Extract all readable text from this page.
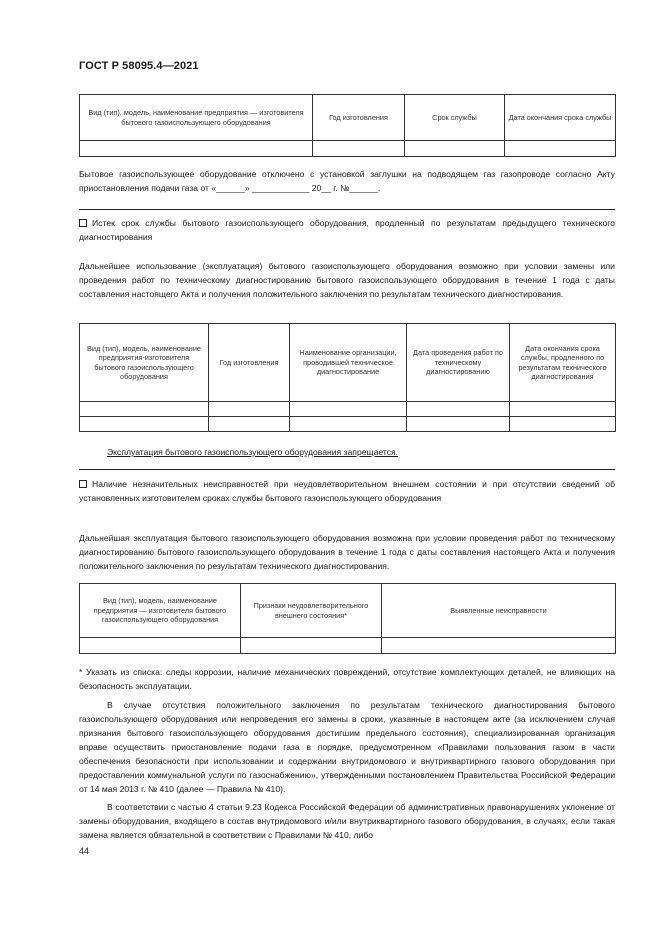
ГОСТ Р 58095.4—2021
Вид (тип), модель, наименование предприятия — изготовителя бытового газоиспользующего оборудования	Год изготовления	Срок службы	Дата окончания срока службы

Бытовое газоиспользующее оборудование отключено с установкой заглушки на подводящем газ газопроводе согласно Акту приостановления подачи газа от «______» ____________ 20__ г. №______.

Истек срок службы бытового газоиспользующего оборудования, продленный по результатам предыдущего технического диагностирования

Дальнейшее использование (эксплуатация) бытового газоиспользующего оборудования возможно при условии замены или проведения работ по техническому диагностированию бытового газоиспользующего оборудования в течение 1 года с даты составления настоящего Акта и получения положительного заключения по результатам технического диагностирования.

Вид (тип), модель, наименование предприятия-изготовителя бытового газоиспользующего оборудования	Год изготовления	Наименование организации, проводившей техническое диагностирование	Дата проведения работ по техническому диагностированию	Дата окончания срока службы, продленного по результатам технического диагностирования

Эксплуатация бытового газоиспользующего оборудования запрещается.

Наличие незначительных неисправностей при неудовлетворительном внешнем состоянии и при отсутствии сведений об установленных изготовителем сроках службы бытового газоиспользующего оборудования

Дальнейшая эксплуатация бытового газоиспользующего оборудования возможна при условии проведения работ по техническому диагностированию бытового газоиспользующего оборудования в течение 1 года с даты составления настоящего Акта и получения положительного заключения по результатам технического диагностирования.

Вид (тип), модель, наименование предприятия — изготовителя бытового газоиспользующего оборудования	Признаки неудовлетворительного внешнего состояния*	Выявленные неисправности

* Указать из списка: следы коррозии, наличие механических повреждений, отсутствие комплектующих деталей, не влияющих на безопасность эксплуатации.

В случае отсутствия положительного заключения по результатам технического диагностирования бытового газоиспользующего оборудования или непроведения его замены в сроки, указанные в настоящем акте (за исключением случая признания бытового газоиспользующего оборудования достигшим предельного состояния), специализированная организация вправе осуществить приостановление подачи газа в порядке, предусмотренном «Правилами пользования газом в части обеспечения безопасности при использовании и содержании внутридомового и внутриквартирного газового оборудования при предоставлении коммунальной услуги по газоснабжению», утвержденными постановлением Правительства Российской Федерации от 14 мая 2013 г. № 410 (далее — Правила № 410).

В соответствии с частью 4 статьи 9.23 Кодекса Российской Федерации об административных правонарушениях уклонение от замены оборудования, входящего в состав внутридомового и/или внутриквартирного газового оборудования, в случаях, если такая замена является обязательной в соответствии с Правилами № 410, либо

44
